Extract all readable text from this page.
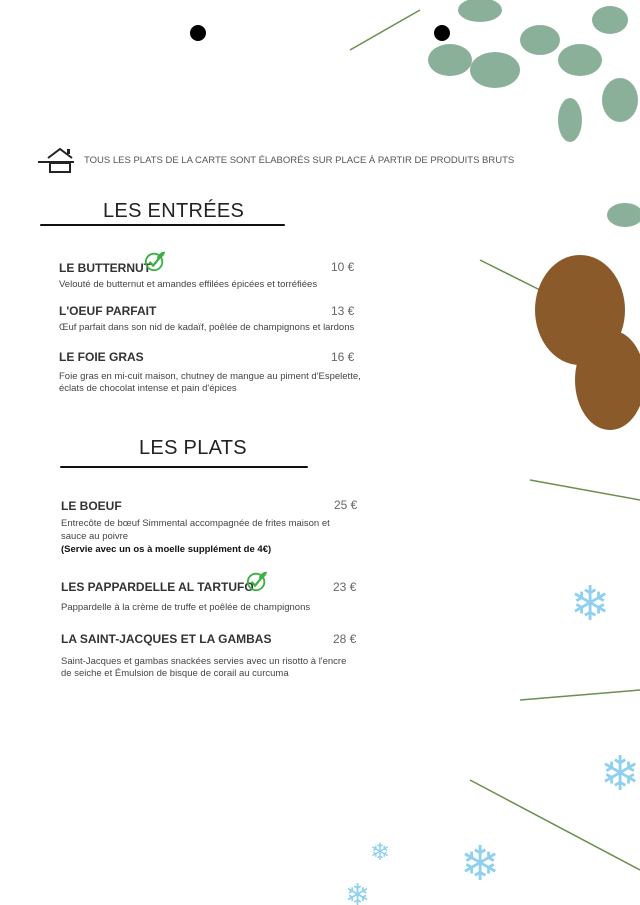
❄
❄
❄
❄
❄
TOUS LES PLATS DE LA CARTE SONT ÉLABORÉS SUR PLACE À PARTIR DE PRODUITS BRUTS
LES ENTRÉES
LE BUTTERNUT	10 €
Velouté de butternut et amandes effilées épicées et torréfiées
L'OEUF PARFAIT	13 €
Œuf parfait dans son nid de kadaïf, poêlée de champignons et lardons
LE FOIE GRAS	16 €
Foie gras en mi-cuit maison, chutney de mangue au piment d'Espelette,
éclats de chocolat intense et pain d'épices
LES PLATS
LE BOEUF	25 €
Entrecôte de bœuf Simmental accompagnée de frites maison et
sauce au poivre
(Servie avec un os à moelle supplément de 4€)
LES PAPPARDELLE AL TARTUFO	23 €
Pappardelle à la crème de truffe et poêlée de champignons
LA SAINT-JACQUES ET LA GAMBAS	28 €
Saint-Jacques et gambas snackées servies avec un risotto à l'encre
de seiche et Émulsion de bisque de corail au curcuma
